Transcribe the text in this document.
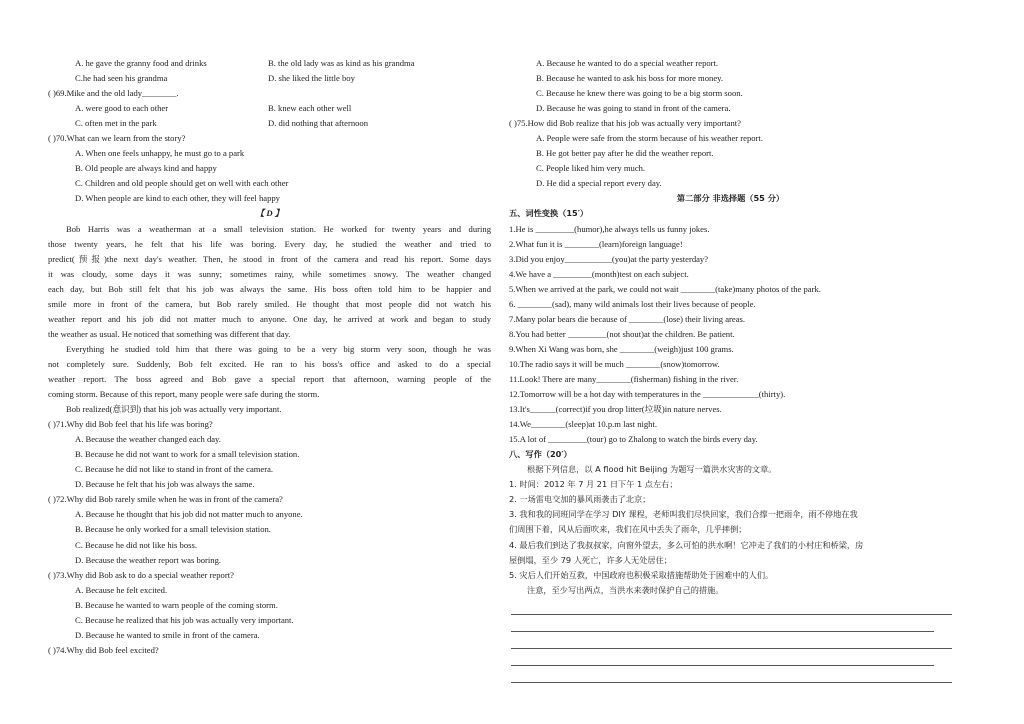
A. he gave the granny food and drinks	B. the old lady was as kind as his grandma
C.he had seen his grandma	D. she liked the little boy
( )69.Mike and the old lady________.
A. were good to each other	B. knew each other well
C. often met in the park	D. did nothing that afternoon
( )70.What can we learn from the story?
A. When one feels unhappy, he must go to a park
B. Old people are always kind and happy
C. Children and old people should get on well with each other
D. When people are kind to each other, they will feel happy
【 D 】
Bob Harris was a weatherman at a small television station. He worked for twenty years and during
those twenty years, he felt that his life was boring. Every day, he studied the weather and tried to
predict(预报)the next day's weather. Then, he stood in front of the camera and read his report. Some days
it was cloudy, some days it was sunny; sometimes rainy, while sometimes snowy. The weather changed
each day, but Bob still felt that his job was always the same. His boss often told him to be happier and
smile more in front of the camera, but Bob rarely smiled. He thought that most people did not watch his
weather report and his job did not matter much to anyone. One day, he arrived at work and began to study
the weather as usual. He noticed that something was different that day.
Everything he studied told him that there was going to be a very big storm very soon, though he was
not completely sure. Suddenly, Bob felt excited. He ran to his boss's office and asked to do a special
weather report. The boss agreed and Bob gave a special report that afternoon, warning people of the
coming storm. Because of this report, many people were safe during the storm.
Bob realized(意识到) that his job was actually very important.
( )71.Why did Bob feel that his life was boring?
A. Because the weather changed each day.
B. Because he did not want to work for a small television station.
C. Because he did not like to stand in front of the camera.
D. Because he felt that his job was always the same.
( )72.Why did Bob rarely smile when he was in front of the camera?
A. Because he thought that his job did not matter much to anyone.
B. Because he only worked for a small television station.
C. Because he did not like his boss.
D. Because the weather report was boring.
( )73.Why did Bob ask to do a special weather report?
A. Because he felt excited.
B. Because he wanted to warn people of the coming storm.
C. Because he realized that his job was actually very important.
D. Because he wanted to smile in front of the camera.
( )74.Why did Bob feel excited?
A. Because he wanted to do a special weather report.
B. Because he wanted to ask his boss for more money.
C. Because he knew there was going to be a big storm soon.
D. Because he was going to stand in front of the camera.
( )75.How did Bob realize that his job was actually very important?
A. People were safe from the storm because of his weather report.
B. He got better pay after he did the weather report.
C. People liked him very much.
D. He did a special report every day.
第二部分 非选择题（55 分）
五、词性变换（15′）
1.He is _________(humor),he always tells us funny jokes.
2.What fun it is ________(learn)foreign language!
3.Did you enjoy___________(you)at the party yesterday?
4.We have a _________(month)test on each subject.
5.When we arrived at the park, we could not wait ________(take)many photos of the park.
6. ________(sad), many wild animals lost their lives because of people.
7.Many polar bears die because of ________(lose) their living areas.
8.You had better _________(not shout)at the children. Be patient.
9.When Xi Wang was born, she ________(weigh)just 100 grams.
10.The radio says it will be much ________(snow)tomorrow.
11.Look! There are many________(fisherman) fishing in the river.
12.Tomorrow will be a hot day with temperatures in the _____________(thirty).
13.It's______(correct)if you drop litter(垃圾)in nature nerves.
14.We________(sleep)at 10.p.m last night.
15.A lot of _________(tour) go to Zhalong to watch the birds every day.
八、写作（20′）
根据下列信息，以 A flood hit Beijing 为题写一篇洪水灾害的文章。
1. 时间：2012 年 7 月 21 日下午 1 点左右；
2. 一场雷电交加的暴风雨袭击了北京；
3. 我和我的同班同学在学习 DIY 课程，老师叫我们尽快回家，我们合撑一把雨伞，雨不停地在我
们周围下着，风从后面吹来，我们在风中丢失了雨伞，几乎摔倒；
4. 最后我们到达了我叔叔家，向窗外望去，多么可怕的洪水啊！它冲走了我们的小村庄和桥梁，房
屋倒塌，至少 79 人死亡，许多人无处居住；
5. 灾后人们开始互救，中国政府也积极采取措施帮助处于困难中的人们。
注意，至少写出两点，当洪水来袭时保护自己的措施。
